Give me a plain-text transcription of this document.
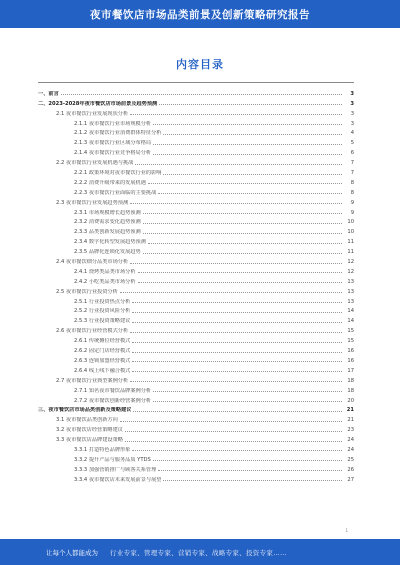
夜市餐饮店市场品类前景及创新策略研究报告
内容目录
一、前言	3
二、2023-2028年夜市餐饮店市场前景及趋势预测	3
2.1 夜市餐饮行业发展现状分析	3
2.1.1 夜市餐饮行业市场规模分析	3
2.1.2 夜市餐饮行业消费群体特征分析	4
2.1.3 夜市餐饮行业区域分布格局	5
2.1.4 夜市餐饮行业竞争格局分析	6
2.2 夜市餐饮行业发展机遇与挑战	7
2.2.1 政策环境对夜市餐饮行业的影响	7
2.2.2 消费升级带来的发展机遇	8
2.2.3 夜市餐饮行业面临的主要挑战	8
2.3 夜市餐饮行业发展趋势预测	9
2.3.1 市场规模增长趋势预测	9
2.3.2 消费需求变化趋势预测	10
2.3.3 品类创新发展趋势预测	10
2.3.4 数字化转型发展趋势预测	11
2.3.5 品牌化连锁化发展趋势	11
2.4 夜市餐饮细分品类市场分析	12
2.4.1 烧烤类品类市场分析	12
2.4.2 小吃类品类市场分析	13
2.5 夜市餐饮行业投资分析	13
2.5.1 行业投资热点分析	13
2.5.2 行业投资风险分析	14
2.5.3 行业投资策略建议	14
2.6 夜市餐饮行业经营模式分析	15
2.6.1 传统摊位经营模式	15
2.6.2 固定门店经营模式	16
2.6.3 连锁加盟经营模式	16
2.6.4 线上线下融合模式	17
2.7 夜市餐饮行业典型案例分析	18
2.7.1 知名夜市餐饮品牌案例分析	18
2.7.2 夜市餐饮创新经营案例分析	20
三、夜市餐饮店市场品类创新及策略建议	21
3.1 夜市餐饮品类创新方向	21
3.2 夜市餐饮店经营策略建议	23
3.3 夜市餐饮店品牌建设策略	24
3.3.1 打造特色品牌形象	24
3.3.2 提升产品与服务品质 YTDS	25
3.3.3 加强营销推广与顾客关系管理	26
3.3.4 夜市餐饮店未来发展前景与展望	27
1
让每个人都能成为 行业专家、管理专家、营销专家、战略专家、投资专家……
